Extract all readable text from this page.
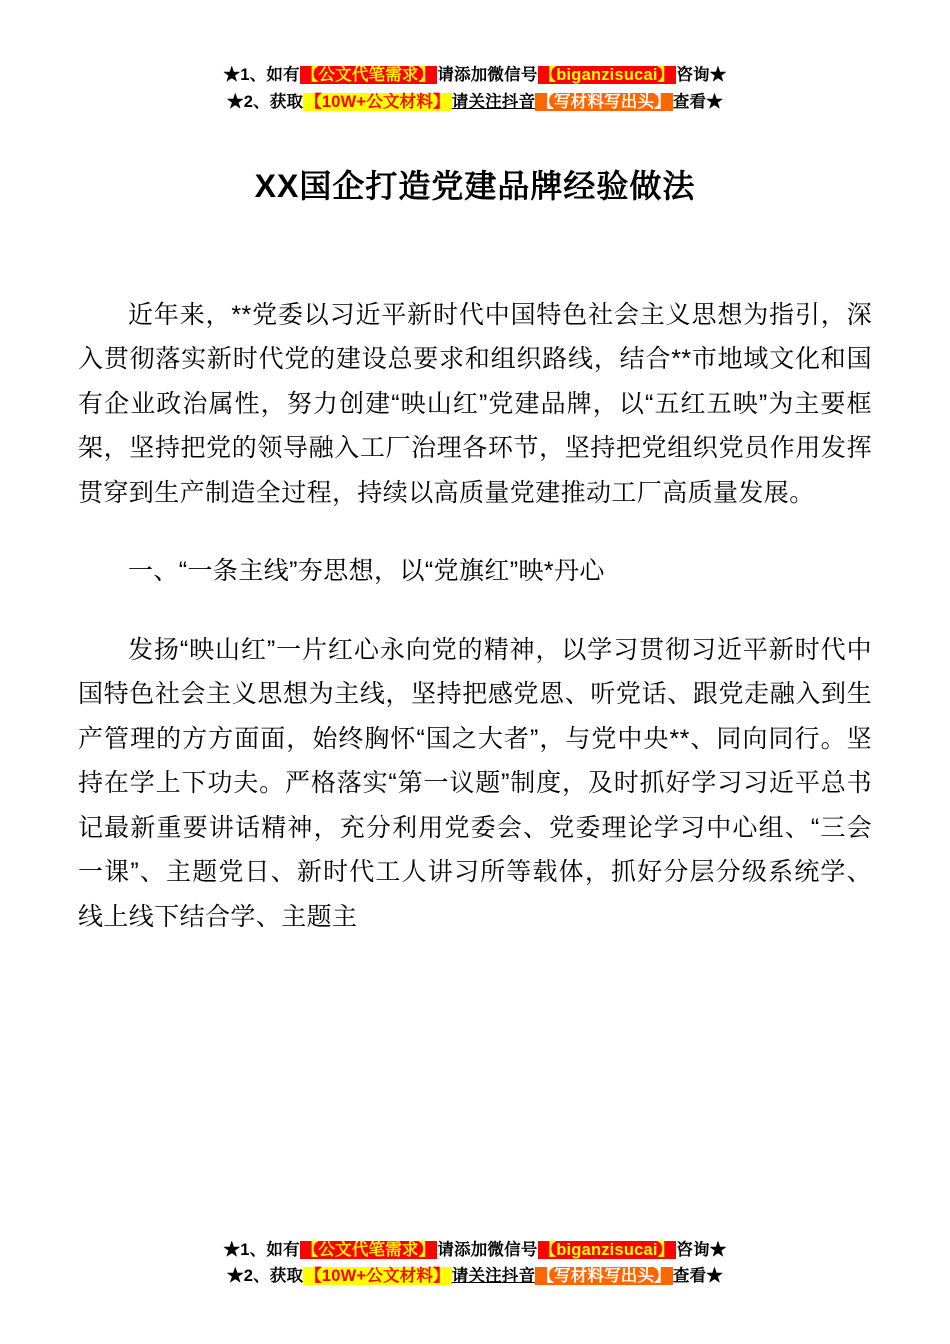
★1、如有 【公文代笔需求】 请添加微信号 【biganzisucai】 咨询★
★2、获取 【10W+公文材料】 请关注抖音 【写材料写出头】 查看★
XX国企打造党建品牌经验做法

近年来，**党委以习近平新时代中国特色社会主义思想为指引，深入贯彻落实新时代党的建设总要求和组织路线，结合**市地域文化和国有企业政治属性，努力创建“映山红”党建品牌，以“五红五映”为主要框架，坚持把党的领导融入工厂治理各环节，坚持把党组织党员作用发挥贯穿到生产制造全过程，持续以高质量党建推动工厂高质量发展。

一、“一条主线”夯思想，以“党旗红”映*丹心

发扬“映山红”一片红心永向党的精神，以学习贯彻习近平新时代中国特色社会主义思想为主线，坚持把感党恩、听党话、跟党走融入到生产管理的方方面面，始终胸怀“国之大者”，与党中央**、同向同行。坚持在学上下功夫。严格落实“第一议题”制度，及时抓好学习习近平总书记最新重要讲话精神，充分利用党委会、党委理论学习中心组、“三会一课”、主题党日、新时代工人讲习所等载体，抓好分层分级系统学、线上线下结合学、主题主

★1、如有 【公文代笔需求】 请添加微信号 【biganzisucai】 咨询★
★2、获取 【10W+公文材料】 请关注抖音 【写材料写出头】 查看★
